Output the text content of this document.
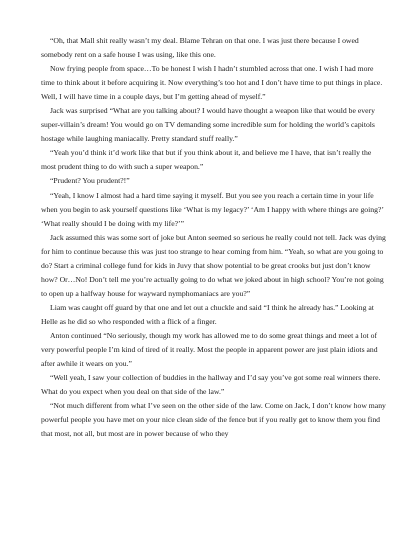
“Oh, that Mall shit really wasn’t my deal. Blame Tehran on that one. I was just there because I owed somebody rent on a safe house I was using, like this one.

Now frying people from space…To be honest I wish I hadn’t stumbled across that one. I wish I had more time to think about it before acquiring it. Now everything’s too hot and I don’t have time to put things in place. Well, I will have time in a couple days, but I’m getting ahead of myself.”

Jack was surprised “What are you talking about? I would have thought a weapon like that would be every super-villain’s dream! You would go on TV demanding some incredible sum for holding the world’s capitols hostage while laughing maniacally. Pretty standard stuff really.”

“Yeah you’d think it’d work like that but if you think about it, and believe me I have, that isn’t really the most prudent thing to do with such a super weapon.”

“Prudent? You prudent?!”

“Yeah, I know I almost had a hard time saying it myself. But you see you reach a certain time in your life when you begin to ask yourself questions like ‘What is my legacy?’ ‘Am I happy with where things are going?’ ‘What really should I be doing with my life?’”

Jack assumed this was some sort of joke but Anton seemed so serious he really could not tell. Jack was dying for him to continue because this was just too strange to hear coming from him. “Yeah, so what are you going to do? Start a criminal college fund for kids in Juvy that show potential to be great crooks but just don’t know how? Or…No! Don’t tell me you’re actually going to do what we joked about in high school? You’re not going to open up a halfway house for wayward nymphomaniacs are you?”

Liam was caught off guard by that one and let out a chuckle and said “I think he already has.” Looking at Helle as he did so who responded with a flick of a finger.

Anton continued “No seriously, though my work has allowed me to do some great things and meet a lot of very powerful people I’m kind of tired of it really. Most the people in apparent power are just plain idiots and after awhile it wears on you.”

“Well yeah, I saw your collection of buddies in the hallway and I’d say you’ve got some real winners there. What do you expect when you deal on that side of the law.”

“Not much different from what I’ve seen on the other side of the law. Come on Jack, I don’t know how many powerful people you have met on your nice clean side of the fence but if you really get to know them you find that most, not all, but most are in power because of who they
